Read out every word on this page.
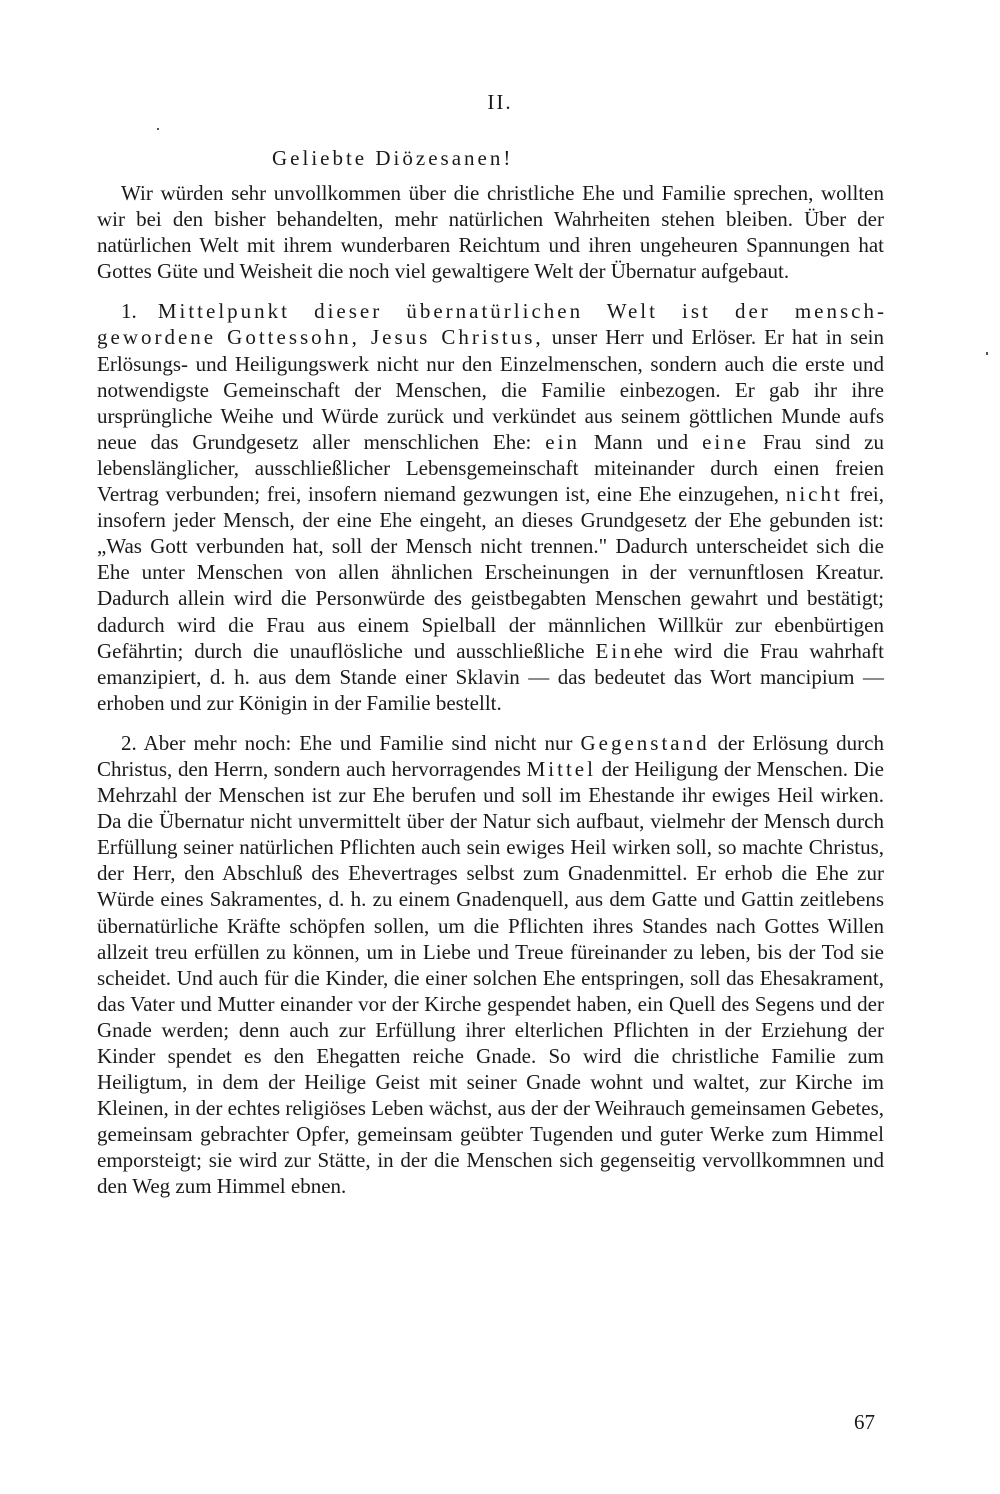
II.
Geliebte Diözesanen!

Wir würden sehr unvollkommen über die christliche Ehe und Familie sprechen, wollten wir bei den bisher behandelten, mehr natürlichen Wahrheiten stehen bleiben. Über der natürlichen Welt mit ihrem wunderbaren Reichtum und ihren ungeheuren Spannungen hat Gottes Güte und Weisheit die noch viel gewaltigere Welt der Übernatur aufgebaut.

1. Mittelpunkt dieser übernatürlichen Welt ist der menschgewordene Gottessohn, Jesus Christus, unser Herr und Erlöser. Er hat in sein Erlösungs- und Heiligungswerk nicht nur den Einzelmenschen, sondern auch die erste und notwendigste Gemeinschaft der Menschen, die Familie einbezogen. Er gab ihr ihre ursprüngliche Weihe und Würde zurück und verkündet aus seinem göttlichen Munde aufs neue das Grundgesetz aller menschlichen Ehe: ein Mann und eine Frau sind zu lebenslänglicher, ausschließlicher Lebensgemeinschaft miteinander durch einen freien Vertrag verbunden; frei, insofern niemand gezwungen ist, eine Ehe einzugehen, nicht frei, insofern jeder Mensch, der eine Ehe eingeht, an dieses Grundgesetz der Ehe gebunden ist: „Was Gott verbunden hat, soll der Mensch nicht trennen." Dadurch unterscheidet sich die Ehe unter Menschen von allen ähnlichen Erscheinungen in der vernunftlosen Kreatur. Dadurch allein wird die Personwürde des geistbegabten Menschen gewahrt und bestätigt; dadurch wird die Frau aus einem Spielball der männlichen Willkür zur ebenbürtigen Gefährtin; durch die unauflösliche und ausschließliche Einehe wird die Frau wahrhaft emanzipiert, d. h. aus dem Stande einer Sklavin — das bedeutet das Wort mancipium — erhoben und zur Königin in der Familie bestellt.

2. Aber mehr noch: Ehe und Familie sind nicht nur Gegenstand der Erlösung durch Christus, den Herrn, sondern auch hervorragendes Mittel der Heiligung der Menschen. Die Mehrzahl der Menschen ist zur Ehe berufen und soll im Ehestande ihr ewiges Heil wirken. Da die Übernatur nicht unvermittelt über der Natur sich aufbaut, vielmehr der Mensch durch Erfüllung seiner natürlichen Pflichten auch sein ewiges Heil wirken soll, so machte Christus, der Herr, den Abschluß des Ehevertrages selbst zum Gnadenmittel. Er erhob die Ehe zur Würde eines Sakramentes, d. h. zu einem Gnadenquell, aus dem Gatte und Gattin zeitlebens übernatürliche Kräfte schöpfen sollen, um die Pflichten ihres Standes nach Gottes Willen allzeit treu erfüllen zu können, um in Liebe und Treue füreinander zu leben, bis der Tod sie scheidet. Und auch für die Kinder, die einer solchen Ehe entspringen, soll das Ehesakrament, das Vater und Mutter einander vor der Kirche gespendet haben, ein Quell des Segens und der Gnade werden; denn auch zur Erfüllung ihrer elterlichen Pflichten in der Erziehung der Kinder spendet es den Ehegatten reiche Gnade. So wird die christliche Familie zum Heiligtum, in dem der Heilige Geist mit seiner Gnade wohnt und waltet, zur Kirche im Kleinen, in der echtes religiöses Leben wächst, aus der der Weihrauch gemeinsamen Gebetes, gemeinsam gebrachter Opfer, gemeinsam geübter Tugenden und guter Werke zum Himmel emporsteigt; sie wird zur Stätte, in der die Menschen sich gegenseitig vervollkommnen und den Weg zum Himmel ebnen.

67
